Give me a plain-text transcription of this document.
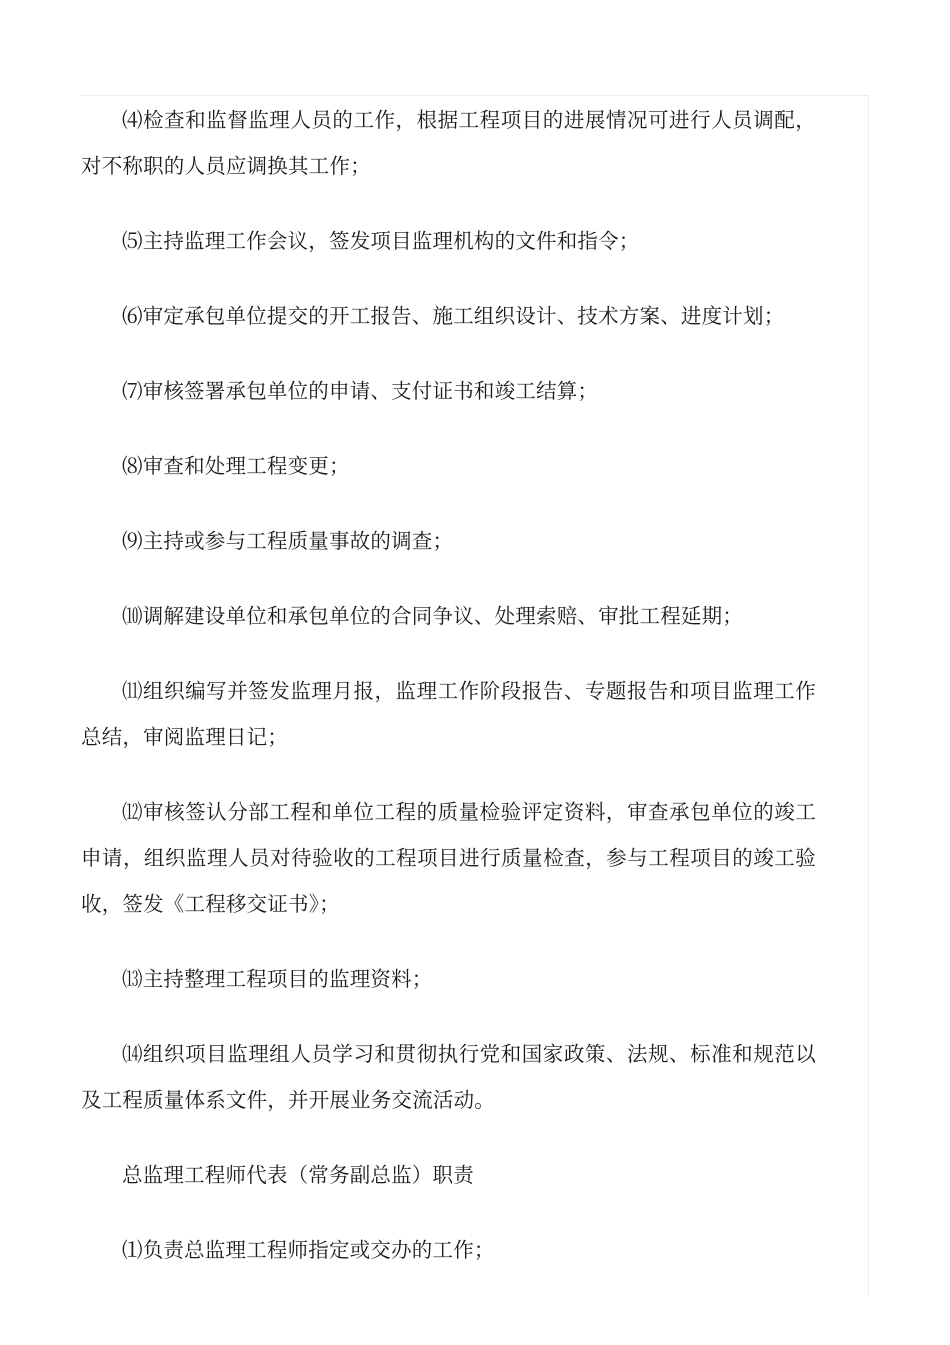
⑷检查和监督监理人员的工作，根据工程项目的进展情况可进行人员调配，对不称职的人员应调换其工作；

⑸主持监理工作会议，签发项目监理机构的文件和指令；

⑹审定承包单位提交的开工报告、施工组织设计、技术方案、进度计划；

⑺审核签署承包单位的申请、支付证书和竣工结算；

⑻审查和处理工程变更；

⑼主持或参与工程质量事故的调查；

⑽调解建设单位和承包单位的合同争议、处理索赔、审批工程延期；

⑾组织编写并签发监理月报，监理工作阶段报告、专题报告和项目监理工作总结，审阅监理日记；

⑿审核签认分部工程和单位工程的质量检验评定资料，审查承包单位的竣工申请，组织监理人员对待验收的工程项目进行质量检查，参与工程项目的竣工验收，签发《工程移交证书》；

⒀主持整理工程项目的监理资料；

⒁组织项目监理组人员学习和贯彻执行党和国家政策、法规、标准和规范以及工程质量体系文件，并开展业务交流活动。

总监理工程师代表（常务副总监）职责

⑴负责总监理工程师指定或交办的工作；
